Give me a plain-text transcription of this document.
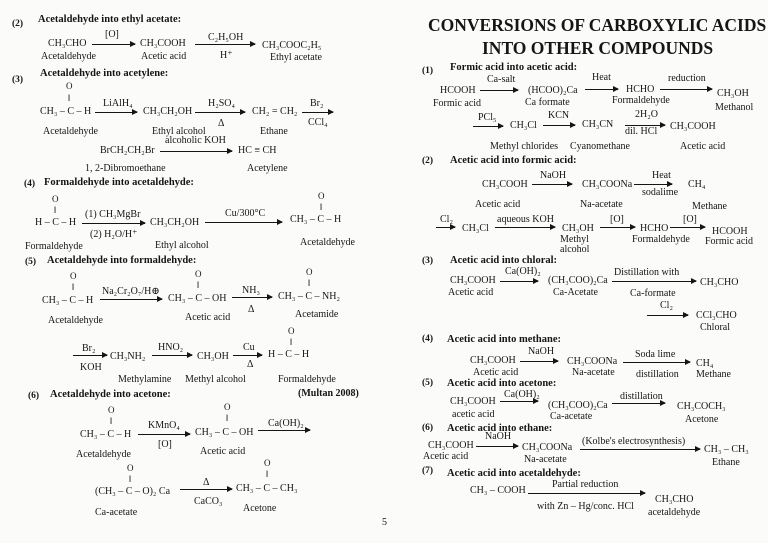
(Multan 2008)
5
(2) Acetaldehyde into ethyl acetate:
CH₃CHO
[O]
CH₃COOH
C₂H₅OH
H⁺
CH₃COOC₂H₅
Acetaldehyde	Acetic acid	Ethyl acetate
(3)
Acetaldehyde into acetylene:
O
‖
CH₃ – C – H
LiAlH₄
CH₃CH₂OH
H₂SO₄
Δ
CH₂ = CH₂
Br₂
CCl₄
Acetaldehyde	Ethyl alcohol	Ethane
BrCH₂CH₂Br
alcoholic KOH
HC ≡ CH
1, 2-Dibromoethane	Acetylene
(4) Formaldehyde into acetaldehyde:
O
‖
H – C – H
(1) CH₃MgBr
(2) H₂O/H⁺
CH₃CH₂OH
Cu/300°C
O
‖
CH₃ – C – H
Formaldehyde	Ethyl alcohol	Acetaldehyde
(5) Acetaldehyde into formaldehyde:
O
‖
CH₃ – C – H
Na₂Cr₂O₇/H⊕
O
‖
CH₃ – C – OH
NH₃
Δ
O
‖
CH₃ – C – NH₂
Acetaldehyde	Acetic acid	Acetamide
Br₂
KOH
CH₃NH₂
HNO₂
CH₃OH
Cu
Δ
O
‖
H – C – H
Methylamine Methyl alcohol	Formaldehyde
(6) Acetaldehyde into acetone:
O
‖
CH₃ – C – H
KMnO₄
[O]
O
‖
CH₃ – C – OH
Ca(OH)₂
Acetaldehyde	Acetic acid
O
‖
(CH₃ – C – O)₂ Ca
Δ
CaCO₃
O
‖
CH₃ – C – CH₃
Ca-acetate	Acetone
CONVERSIONS OF CARBOXYLIC ACIDS
INTO OTHER COMPOUNDS
(1) Formic acid into acetic acid:
HCOOH
Ca-salt
(HCOO)₂Ca
Heat
HCHO
reduction
CH₃OH
Formic acid	Ca formate	Formaldehyde
Methanol
PCl₅
CH₃Cl
KCN
CH₃CN
2H₂O
dil. HCl CH₃COOH
Methyl chlorides Cyanomethane	Acetic acid
(2) Acetic acid into formic acid:
CH₃COOH
NaOH
CH₃COONa
Heat
sodalime
CH₄
Acetic acid	Na-acetate	Methane
Cl₂
CH₃Cl
aqueous KOH
CH₃OH
Methyl
alcohol
[O]
HCHO
Formaldehyde
[O]
HCOOH
Formic acid
(3) Acetic acid into chloral:
CH₃COOH
Acetic acid
Ca(OH)₂
(CH₃COO)₂Ca
Ca-Acetate
Distillation with
Ca-formate
CH₃CHO
Cl₂
CCl₃CHO
Chloral
(4) Acetic acid into methane:
CH₃COOH
Acetic acid
NaOH
CH₃COONa
Na-acetate
Soda lime
distillation
CH₄
Methane
(5) Acetic acid into acetone:
CH₃COOH
acetic acid
Ca(OH)₂
(CH₃COO)₂Ca
Ca-acetate
distillation
CH₃COCH₃
Acetone
(6) Acetic acid into ethane:
CH₃COOH
Acetic acid
NaOH
CH₃COONa
Na-acetate
(Kolbe's electrosynthesis)
CH₃ – CH₃
Ethane
(7) Acetic acid into acetaldehyde:
CH₃ – COOH
Partial reduction
with Zn – Hg/conc. HCl
CH₃CHO
acetaldehyde
